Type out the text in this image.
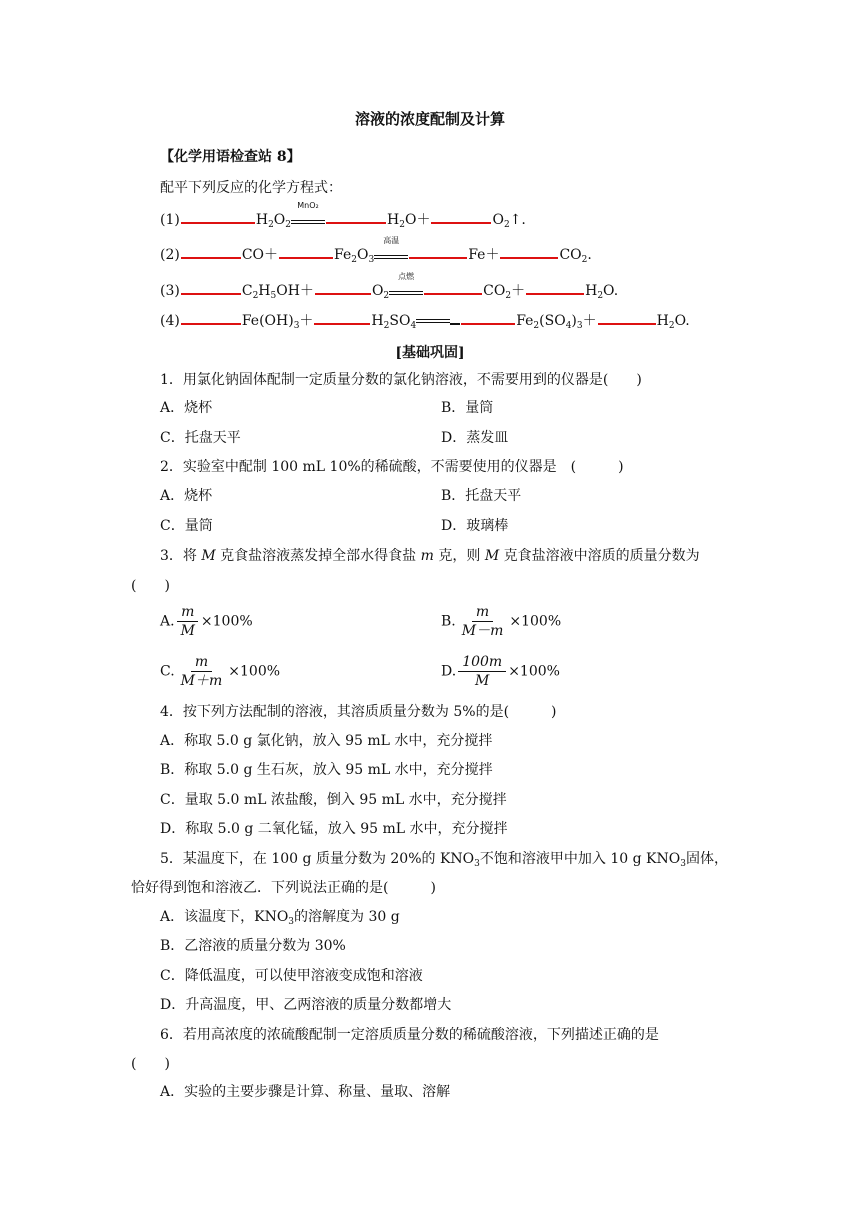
溶液的浓度配制及计算
【化学用语检查站 8】
配平下列反应的化学方程式：
(1)	$H_2O_2$
MnO₂
$H_2O+$	$O_2↑$.
(2)	CO＋	$Fe_2O_3$
高温
Fe＋	$CO_2$.
(3)	$C_2H_5OH+$	$O_2$
点燃
$CO_2+$	$H_2O$.
(4)	$Fe(OH)_3+$	$H_2SO_4$	$Fe_2(SO_4)_3+$	$H_2O$.
[基础巩固]
1．用氯化钠固体配制一定质量分数的氯化钠溶液，不需要用到的仪器是(　　)
A．烧杯	B．量筒
C．托盘天平	D．蒸发皿
2．实验室中配制 100 mL 10%的稀硫酸，不需要使用的仪器是　(　　　)
A．烧杯	B．托盘天平
C．量筒	D．玻璃棒
3．将 M 克食盐溶液蒸发掉全部水得食盐 m 克，则 M 克食盐溶液中溶质的质量分数为
(　　)
A. $\frac{m}{M} \times 100\%$	B. $\frac{m}{M-m} \times 100\%$
C. $\frac{m}{M+m} \times 100\%$	D. $\frac{100m}{M} \times 100\%$
4．按下列方法配制的溶液，其溶质质量分数为 5%的是(　　　)
A．称取 5.0 g 氯化钠，放入 95 mL 水中，充分搅拌
B．称取 5.0 g 生石灰，放入 95 mL 水中，充分搅拌
C．量取 5.0 mL 浓盐酸，倒入 95 mL 水中，充分搅拌
D．称取 5.0 g 二氧化锰，放入 95 mL 水中，充分搅拌
5．某温度下，在 100 g 质量分数为 20%的 $KNO_3$不饱和溶液甲中加入 10 g $KNO_3$固体，
恰好得到饱和溶液乙．下列说法正确的是(　　　)
A．该温度下，$KNO_3$的溶解度为 30 g
B．乙溶液的质量分数为 30%
C．降低温度，可以使甲溶液变成饱和溶液
D．升高温度，甲、乙两溶液的质量分数都增大
6．若用高浓度的浓硫酸配制一定溶质质量分数的稀硫酸溶液，下列描述正确的是
(　　)
A．实验的主要步骤是计算、称量、量取、溶解
